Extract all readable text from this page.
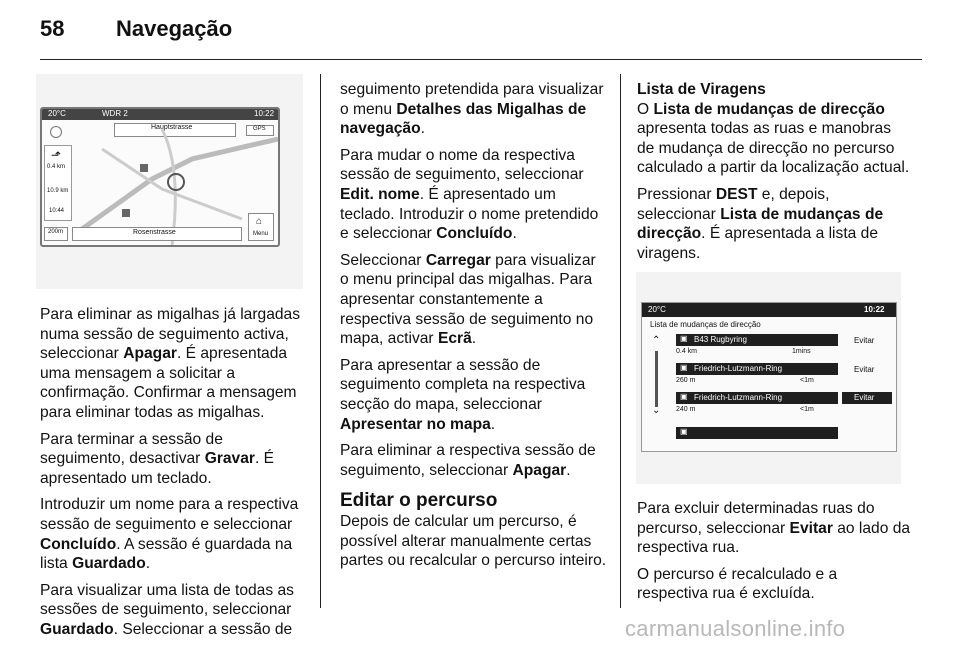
58 Navegação
20°C	WDR 2	10:22
Hauptstrasse	GPS
⬏
0.4 km
10.9 km
10:44
200m	Rosenstrasse
⌂
Menu

Para eliminar as migalhas já largadas numa sessão de seguimento activa, seleccionar Apagar. É apresentada uma mensagem a solicitar a confirmação. Confirmar a mensagem para eliminar todas as migalhas.

Para terminar a sessão de seguimento, desactivar Gravar. É apresentado um teclado.

Introduzir um nome para a respectiva sessão de seguimento e seleccionar Concluído. A sessão é guardada na lista Guardado.

Para visualizar uma lista de todas as sessões de seguimento, seleccionar Guardado. Seleccionar a sessão de

seguimento pretendida para visualizar o menu Detalhes das Migalhas de navegação.

Para mudar o nome da respectiva sessão de seguimento, seleccionar Edit. nome. É apresentado um teclado. Introduzir o nome pretendido e seleccionar Concluído.

Seleccionar Carregar para visualizar o menu principal das migalhas. Para apresentar constantemente a respectiva sessão de seguimento no mapa, activar Ecrã.

Para apresentar a sessão de seguimento completa na respectiva secção do mapa, seleccionar Apresentar no mapa.

Para eliminar a respectiva sessão de seguimento, seleccionar Apagar.

Editar o percurso

Depois de calcular um percurso, é possível alterar manualmente certas partes ou recalcular o percurso inteiro.

Lista de Viragens

O Lista de mudanças de direcção apresenta todas as ruas e manobras de mudança de direcção no percurso calculado a partir da localização actual.

Pressionar DEST e, depois, seleccionar Lista de mudanças de direcção. É apresentada a lista de viragens.

20°C	10:22
Lista de mudanças de direcção
⌃
⌄
▣ B43 Rugbyring
0.4 km	1mins
Evitar
▣ Friedrich-Lutzmann-Ring
260 m	<1m
Evitar
▣ Friedrich-Lutzmann-Ring
240 m	<1m
Evitar
▣

Para excluir determinadas ruas do percurso, seleccionar Evitar ao lado da respectiva rua.

O percurso é recalculado e a respectiva rua é excluída.

carmanualsonline.info
